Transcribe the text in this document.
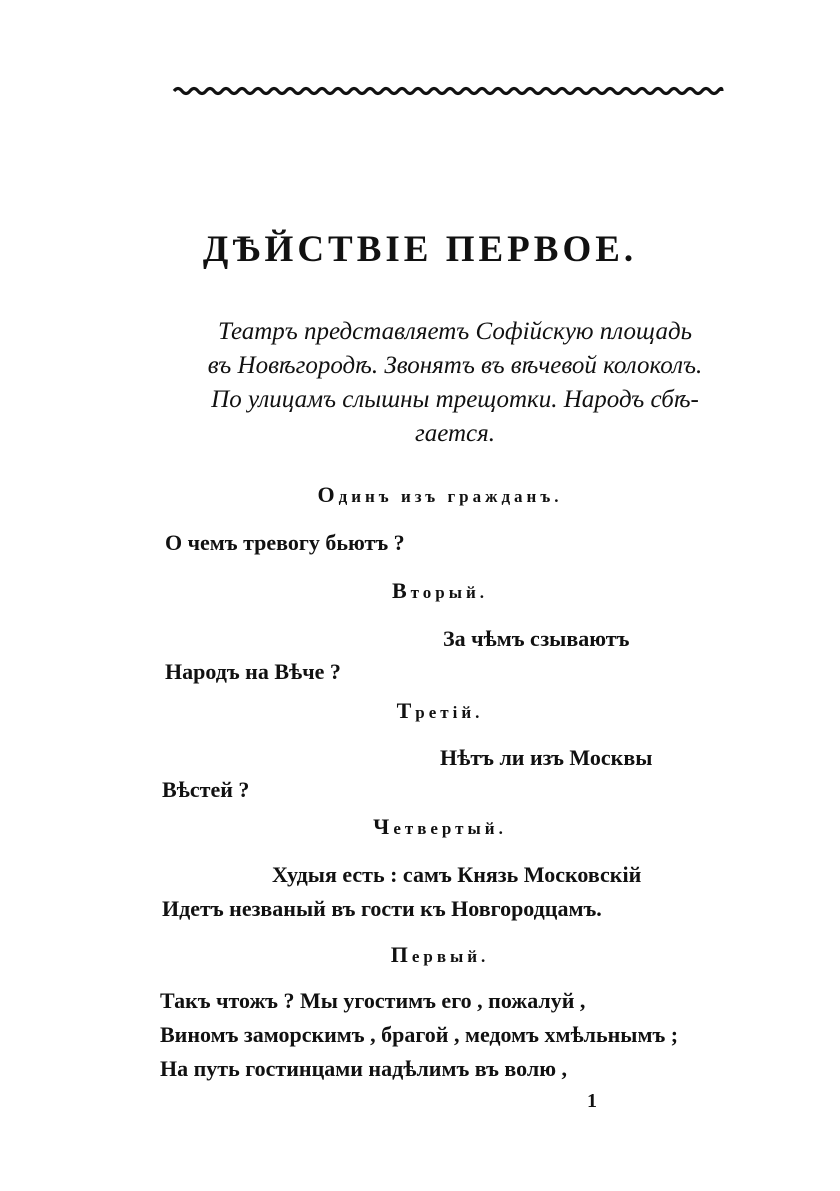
ДѢЙСТВІЕ ПЕРВОЕ.
Театръ представляетъ Софійскую площадь
въ Новѣгородѣ. Звонятъ въ вѣчевой колоколъ.
По улицамъ слышны трещотки. Народъ сбѣ-
гается.
Одинъ изъ гражданъ.
О чемъ тревогу бьютъ ?
Вторый.
За чѣмъ сзываютъ
Народъ на Вѣче ?
Третій.
Нѣтъ ли изъ Москвы
Вѣстей ?
Четвертый.
Худыя есть : самъ Князь Московскій
Идетъ незваный въ гости къ Новгородцамъ.
Первый.
Такъ чтожъ ? Мы угостимъ его , пожалуй ,
Виномъ заморскимъ , брагой , медомъ хмѣльнымъ ;
На путь гостинцами надѣлимъ въ волю ,
1
